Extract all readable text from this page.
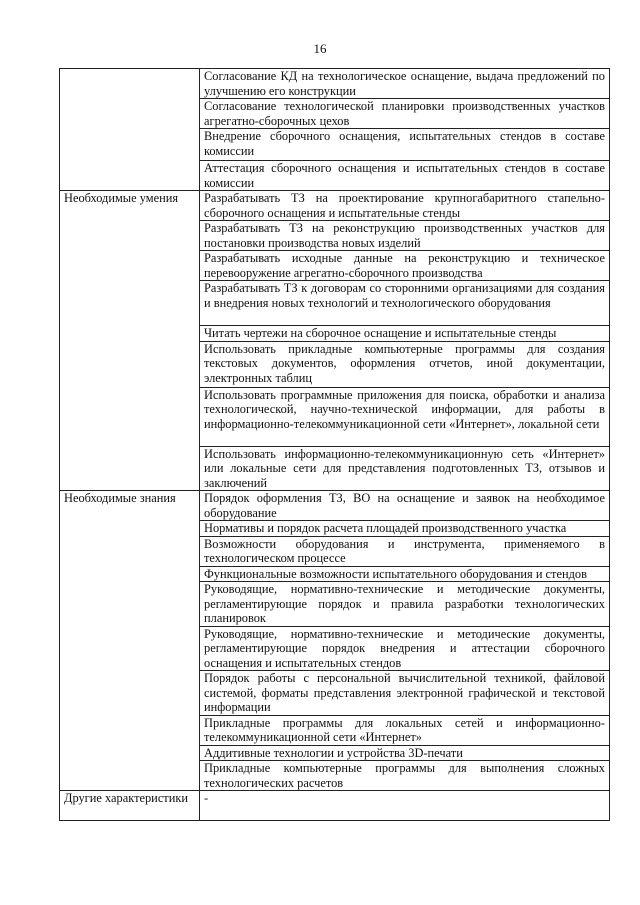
16
	Согласование КД на технологическое оснащение, выдача предложений по улучшению его конструкции
	Согласование технологической планировки производственных участков агрегатно-сборочных цехов
	Внедрение сборочного оснащения, испытательных стендов в составе комиссии
	Аттестация сборочного оснащения и испытательных стендов в составе комиссии
Необходимые умения	Разрабатывать ТЗ на проектирование крупногабаритного стапельно-сборочного оснащения и испытательные стенды
	Разрабатывать ТЗ на реконструкцию производственных участков для постановки производства новых изделий
	Разрабатывать исходные данные на реконструкцию и техническое перевооружение агрегатно-сборочного производства
	Разрабатывать ТЗ к договорам со сторонними организациями для создания и внедрения новых технологий и технологического оборудования
	Читать чертежи на сборочное оснащение и испытательные стенды
	Использовать прикладные компьютерные программы для создания текстовых документов, оформления отчетов, иной документации, электронных таблиц
	Использовать программные приложения для поиска, обработки и анализа технологической, научно-технической информации, для работы в информационно-телекоммуникационной сети «Интернет», локальной сети
	Использовать информационно-телекоммуникационную сеть «Интернет» или локальные сети для представления подготовленных ТЗ, отзывов и заключений
Необходимые знания	Порядок оформления ТЗ, ВО на оснащение и заявок на необходимое оборудование
	Нормативы и порядок расчета площадей производственного участка
	Возможности оборудования и инструмента, применяемого в технологическом процессе
	Функциональные возможности испытательного оборудования и стендов
	Руководящие, нормативно-технические и методические документы, регламентирующие порядок и правила разработки технологических планировок
	Руководящие, нормативно-технические и методические документы, регламентирующие порядок внедрения и аттестации сборочного оснащения и испытательных стендов
	Порядок работы с персональной вычислительной техникой, файловой системой, форматы представления электронной графической и текстовой информации
	Прикладные программы для локальных сетей и информационно-телекоммуникационной сети «Интернет»
	Аддитивные технологии и устройства 3D-печати
	Прикладные компьютерные программы для выполнения сложных технологических расчетов
Другие характеристики	-
